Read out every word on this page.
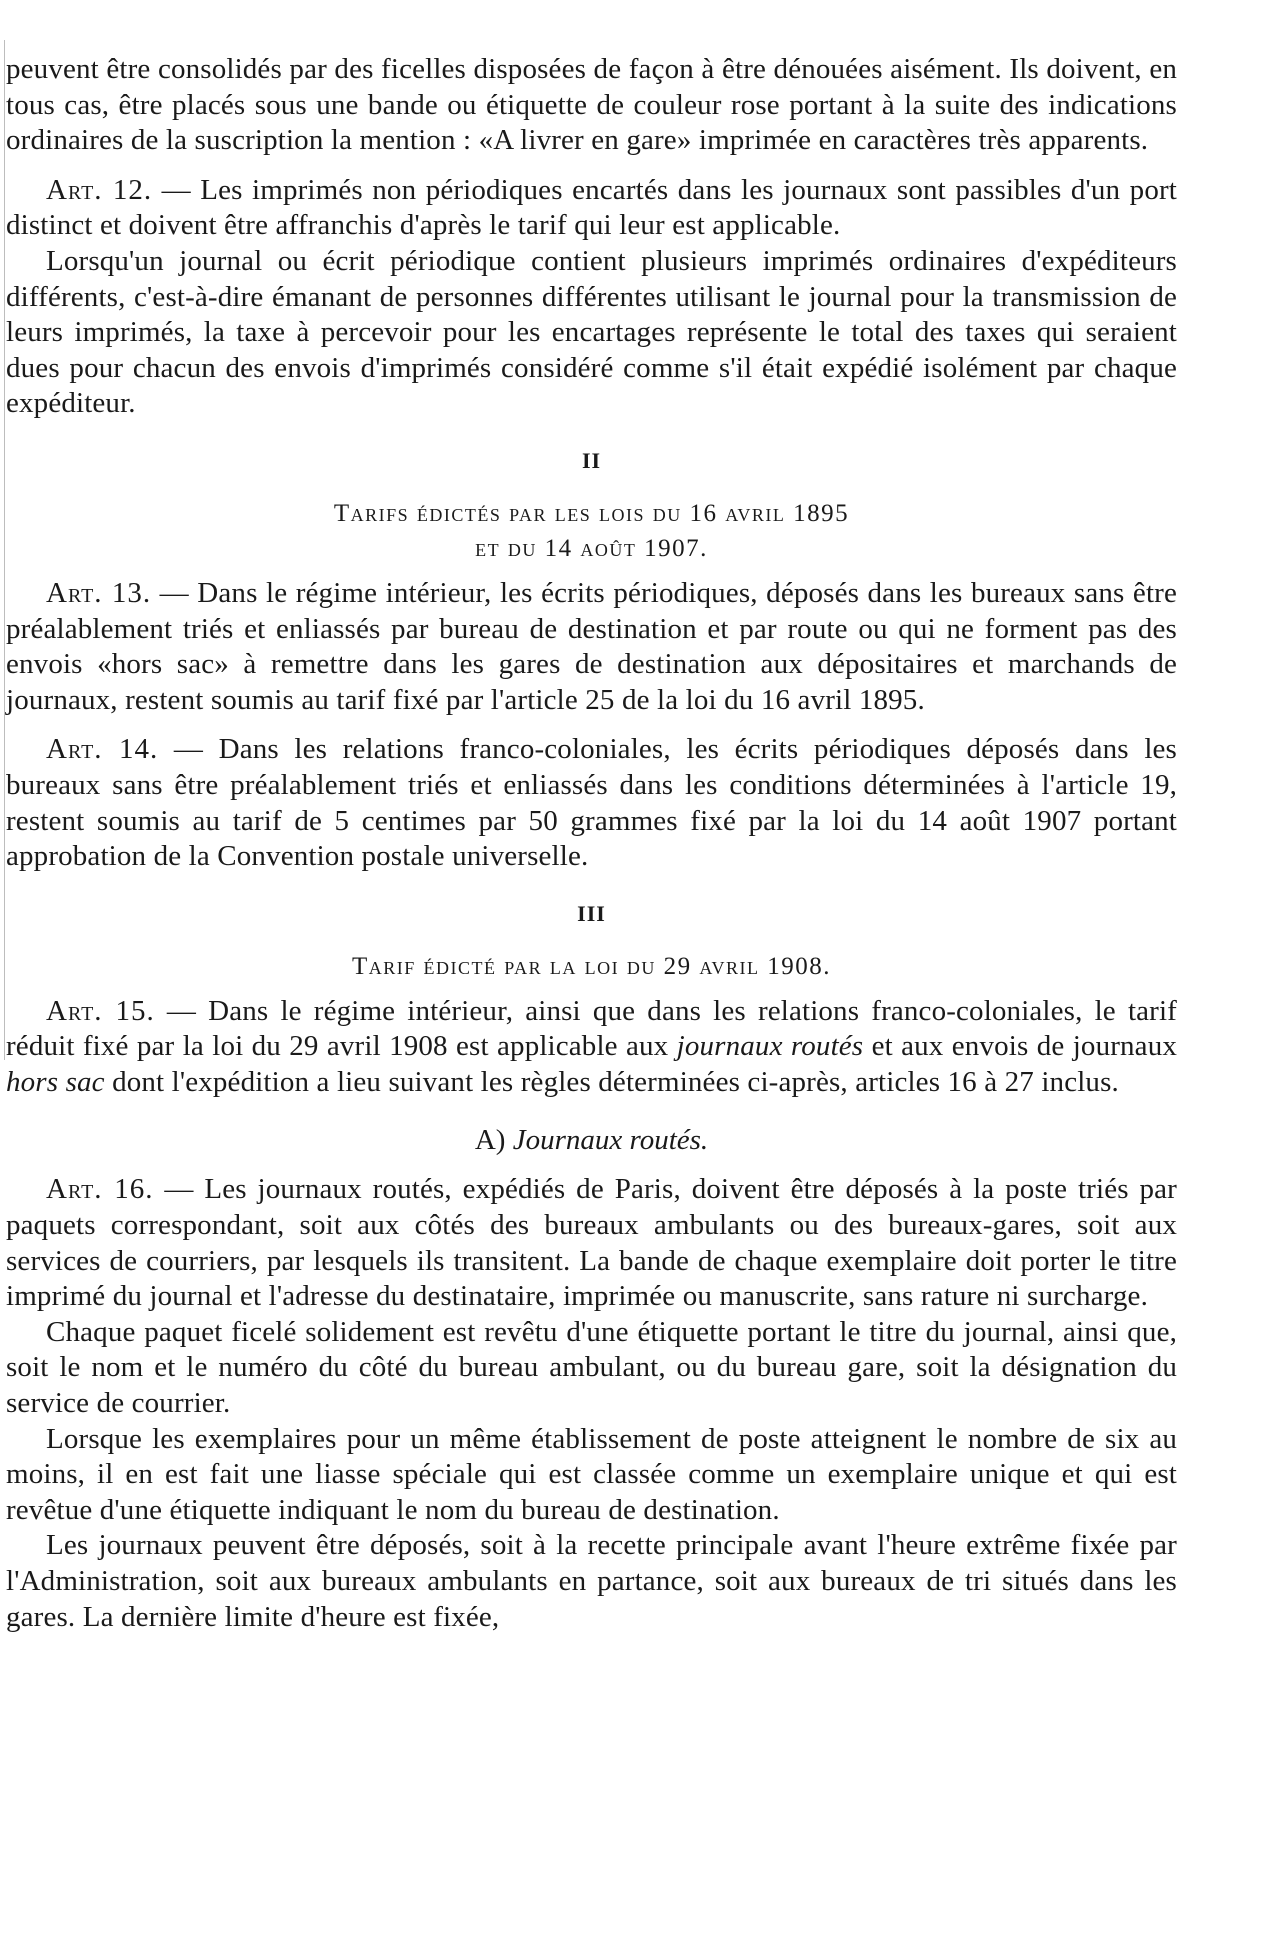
peuvent être consolidés par des ficelles disposées de façon à être dénouées aisément. Ils doivent, en tous cas, être placés sous une bande ou étiquette de couleur rose portant à la suite des indications ordinaires de la suscription la mention : «A livrer en gare» imprimée en caractères très apparents.

Art. 12. — Les imprimés non périodiques encartés dans les journaux sont passibles d'un port distinct et doivent être affranchis d'après le tarif qui leur est applicable.

Lorsqu'un journal ou écrit périodique contient plusieurs imprimés ordinaires d'expéditeurs différents, c'est-à-dire émanant de personnes différentes utilisant le journal pour la transmission de leurs imprimés, la taxe à percevoir pour les encartages représente le total des taxes qui seraient dues pour chacun des envois d'imprimés considéré comme s'il était expédié isolément par chaque expéditeur.

II
Tarifs édictés par les lois du 16 avril 1895
et du 14 août 1907.

Art. 13. — Dans le régime intérieur, les écrits périodiques, déposés dans les bureaux sans être préalablement triés et enliassés par bureau de destination et par route ou qui ne forment pas des envois «hors sac» à remettre dans les gares de destination aux dépositaires et marchands de journaux, restent soumis au tarif fixé par l'article 25 de la loi du 16 avril 1895.

Art. 14. — Dans les relations franco-coloniales, les écrits périodiques déposés dans les bureaux sans être préalablement triés et enliassés dans les conditions déterminées à l'article 19, restent soumis au tarif de 5 centimes par 50 grammes fixé par la loi du 14 août 1907 portant approbation de la Convention postale universelle.

III
Tarif édicté par la loi du 29 avril 1908.

Art. 15. — Dans le régime intérieur, ainsi que dans les relations franco-coloniales, le tarif réduit fixé par la loi du 29 avril 1908 est applicable aux journaux routés et aux envois de journaux hors sac dont l'expédition a lieu suivant les règles déterminées ci-après, articles 16 à 27 inclus.

A) Journaux routés.

Art. 16. — Les journaux routés, expédiés de Paris, doivent être déposés à la poste triés par paquets correspondant, soit aux côtés des bureaux ambulants ou des bureaux-gares, soit aux services de courriers, par lesquels ils transitent. La bande de chaque exemplaire doit porter le titre imprimé du journal et l'adresse du destinataire, imprimée ou manuscrite, sans rature ni surcharge.

Chaque paquet ficelé solidement est revêtu d'une étiquette portant le titre du journal, ainsi que, soit le nom et le numéro du côté du bureau ambulant, ou du bureau gare, soit la désignation du service de courrier.

Lorsque les exemplaires pour un même établissement de poste atteignent le nombre de six au moins, il en est fait une liasse spéciale qui est classée comme un exemplaire unique et qui est revêtue d'une étiquette indiquant le nom du bureau de destination.

Les journaux peuvent être déposés, soit à la recette principale avant l'heure extrême fixée par l'Administration, soit aux bureaux ambulants en partance, soit aux bureaux de tri situés dans les gares. La dernière limite d'heure est fixée,
